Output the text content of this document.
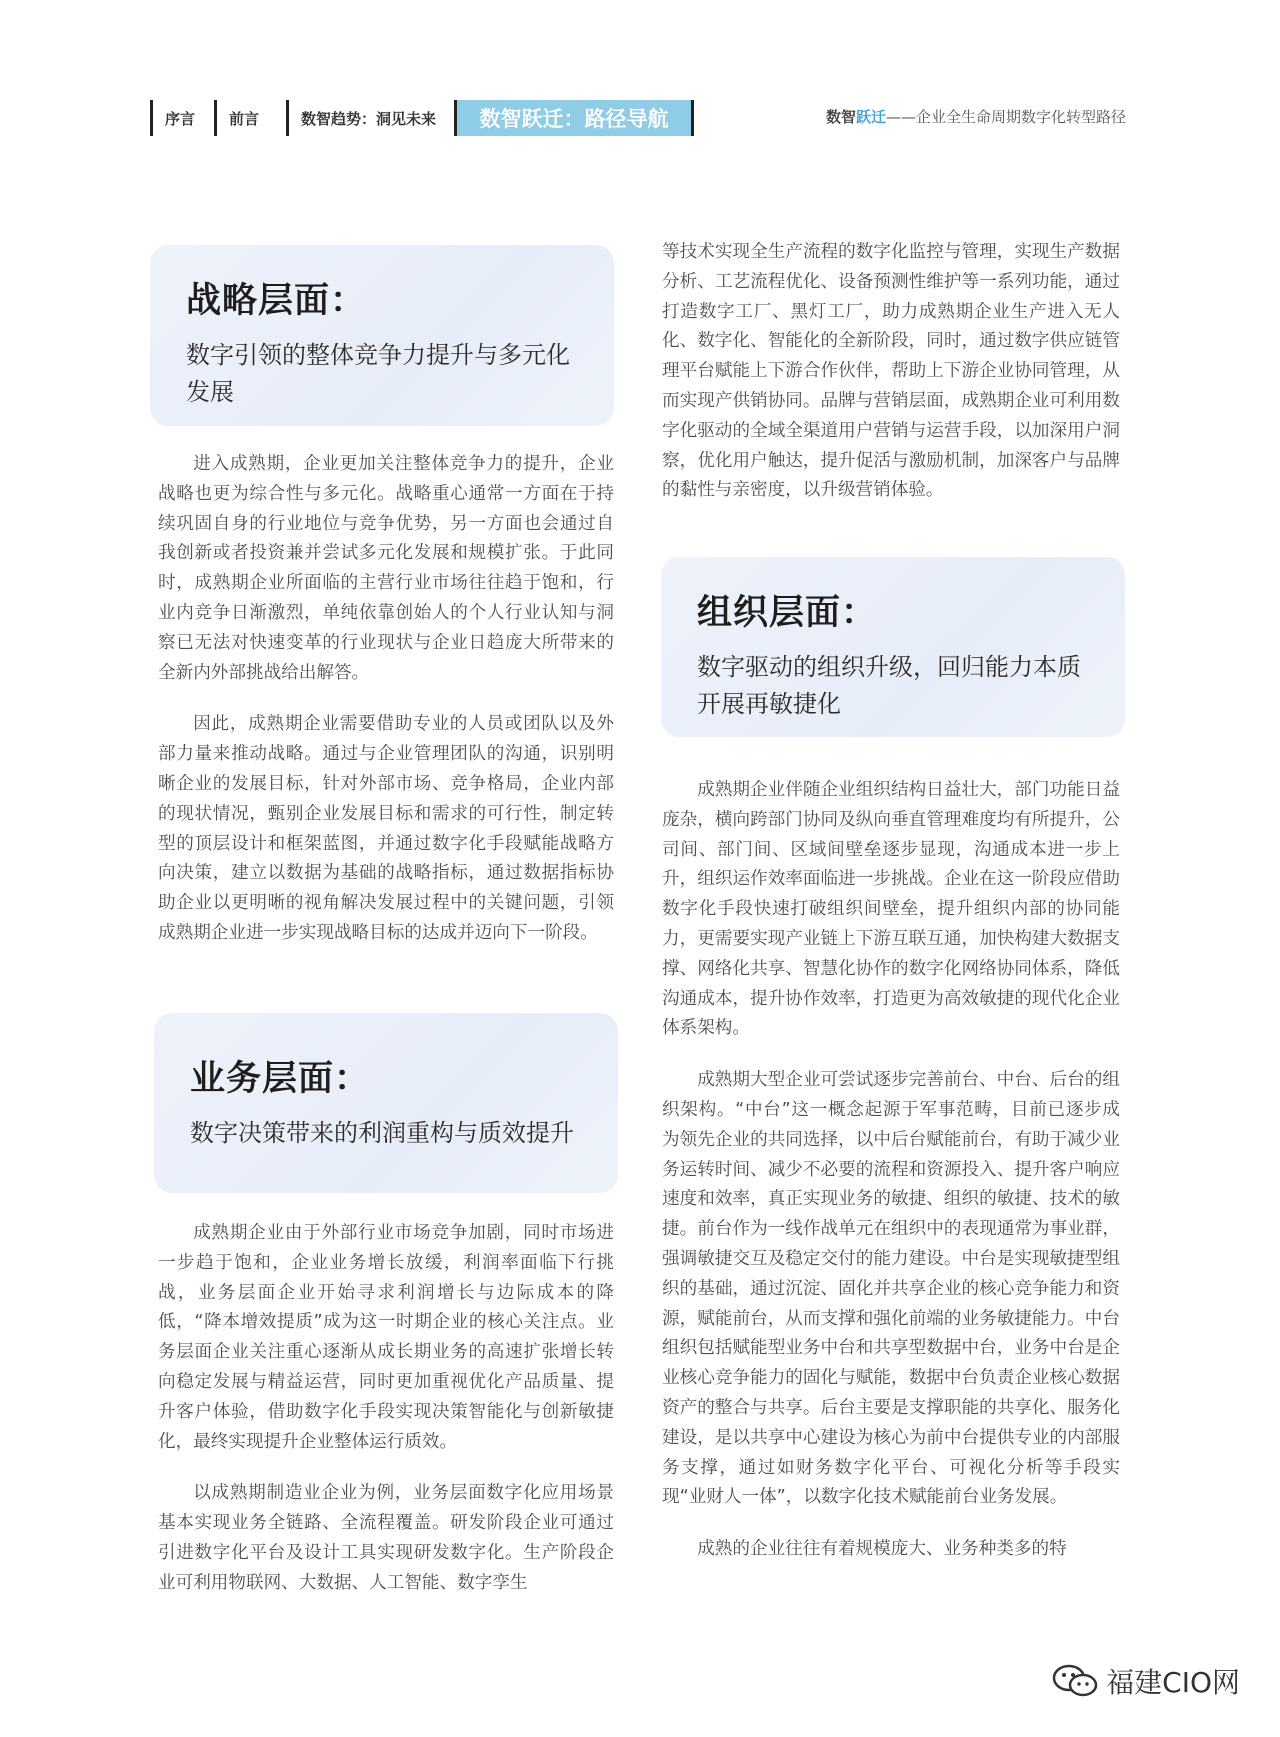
序言	前言	数智趋势：洞见未来	数智跃迁：路径导航	数智跃迁——企业全生命周期数字化转型路径
战略层面：

数字引领的整体竞争力提升与多元化发展

进入成熟期，企业更加关注整体竞争力的提升，企业战略也更为综合性与多元化。战略重心通常一方面在于持续巩固自身的行业地位与竞争优势，另一方面也会通过自我创新或者投资兼并尝试多元化发展和规模扩张。于此同时，成熟期企业所面临的主营行业市场往往趋于饱和，行业内竞争日渐激烈，单纯依靠创始人的个人行业认知与洞察已无法对快速变革的行业现状与企业日趋庞大所带来的全新内外部挑战给出解答。

因此，成熟期企业需要借助专业的人员或团队以及外部力量来推动战略。通过与企业管理团队的沟通，识别明晰企业的发展目标，针对外部市场、竞争格局，企业内部的现状情况，甄别企业发展目标和需求的可行性，制定转型的顶层设计和框架蓝图，并通过数字化手段赋能战略方向决策，建立以数据为基础的战略指标，通过数据指标协助企业以更明晰的视角解决发展过程中的关键问题，引领成熟期企业进一步实现战略目标的达成并迈向下一阶段。

业务层面：

数字决策带来的利润重构与质效提升

成熟期企业由于外部行业市场竞争加剧，同时市场进一步趋于饱和，企业业务增长放缓，利润率面临下行挑战，业务层面企业开始寻求利润增长与边际成本的降低，“降本增效提质”成为这一时期企业的核心关注点。业务层面企业关注重心逐渐从成长期业务的高速扩张增长转向稳定发展与精益运营，同时更加重视优化产品质量、提升客户体验，借助数字化手段实现决策智能化与创新敏捷化，最终实现提升企业整体运行质效。

以成熟期制造业企业为例，业务层面数字化应用场景基本实现业务全链路、全流程覆盖。研发阶段企业可通过引进数字化平台及设计工具实现研发数字化。生产阶段企业可利用物联网、大数据、人工智能、数字孪生

等技术实现全生产流程的数字化监控与管理，实现生产数据分析、工艺流程优化、设备预测性维护等一系列功能，通过打造数字工厂、黑灯工厂，助力成熟期企业生产进入无人化、数字化、智能化的全新阶段，同时，通过数字供应链管理平台赋能上下游合作伙伴，帮助上下游企业协同管理，从而实现产供销协同。品牌与营销层面，成熟期企业可利用数字化驱动的全域全渠道用户营销与运营手段，以加深用户洞察，优化用户触达，提升促活与激励机制，加深客户与品牌的黏性与亲密度，以升级营销体验。

组织层面：

数字驱动的组织升级，回归能力本质开展再敏捷化

成熟期企业伴随企业组织结构日益壮大，部门功能日益庞杂，横向跨部门协同及纵向垂直管理难度均有所提升，公司间、部门间、区域间壁垒逐步显现，沟通成本进一步上升，组织运作效率面临进一步挑战。企业在这一阶段应借助数字化手段快速打破组织间壁垒，提升组织内部的协同能力，更需要实现产业链上下游互联互通，加快构建大数据支撑、网络化共享、智慧化协作的数字化网络协同体系，降低沟通成本，提升协作效率，打造更为高效敏捷的现代化企业体系架构。

成熟期大型企业可尝试逐步完善前台、中台、后台的组织架构。“中台”这一概念起源于军事范畴，目前已逐步成为领先企业的共同选择，以中后台赋能前台，有助于减少业务运转时间、减少不必要的流程和资源投入、提升客户响应速度和效率，真正实现业务的敏捷、组织的敏捷、技术的敏捷。前台作为一线作战单元在组织中的表现通常为事业群，强调敏捷交互及稳定交付的能力建设。中台是实现敏捷型组织的基础，通过沉淀、固化并共享企业的核心竞争能力和资源，赋能前台，从而支撑和强化前端的业务敏捷能力。中台组织包括赋能型业务中台和共享型数据中台，业务中台是企业核心竞争能力的固化与赋能，数据中台负责企业核心数据资产的整合与共享。后台主要是支撑职能的共享化、服务化建设，是以共享中心建设为核心为前中台提供专业的内部服务支撑，通过如财务数字化平台、可视化分析等手段实现“业财人一体”，以数字化技术赋能前台业务发展。

成熟的企业往往有着规模庞大、业务种类多的特

福建CIO网
